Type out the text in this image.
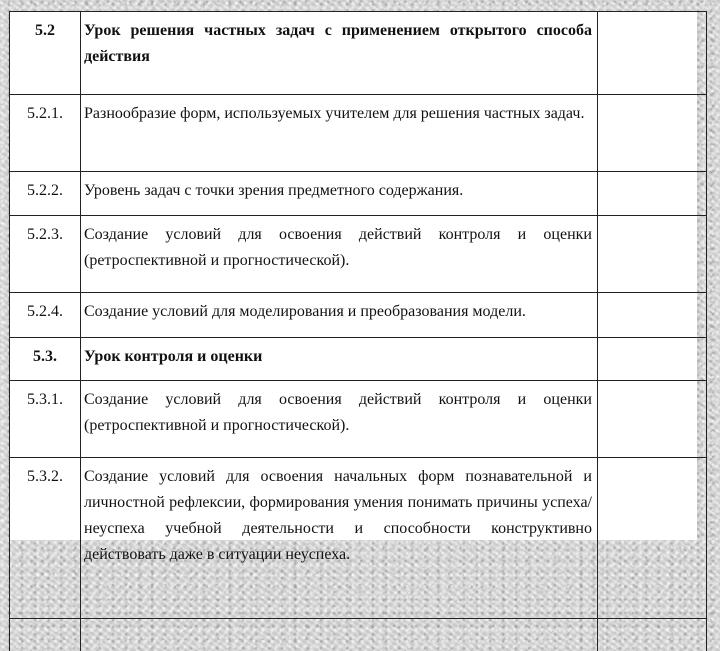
5.2	Урок решения частных задач с применением открытого способа действия	
5.2.1.	Разнообразие форм, используемых учителем для решения частных задач.	
5.2.2.	Уровень задач с точки зрения предметного содержания.	
5.2.3.	Создание условий для освоения действий контроля и оценки (ретроспективной и прогностической).	
5.2.4.	Создание условий для моделирования и преобразования модели.	
5.3.	Урок контроля и оценки	
5.3.1.	Создание условий для освоения действий контроля и оценки (ретроспективной и прогностической).	
5.3.2.	Создание условий для освоения начальных форм познавательной и личностной рефлексии, формирования умения понимать причины успеха/неуспеха учебной деятельности и способности конструктивно действовать даже в ситуации неуспеха.	
